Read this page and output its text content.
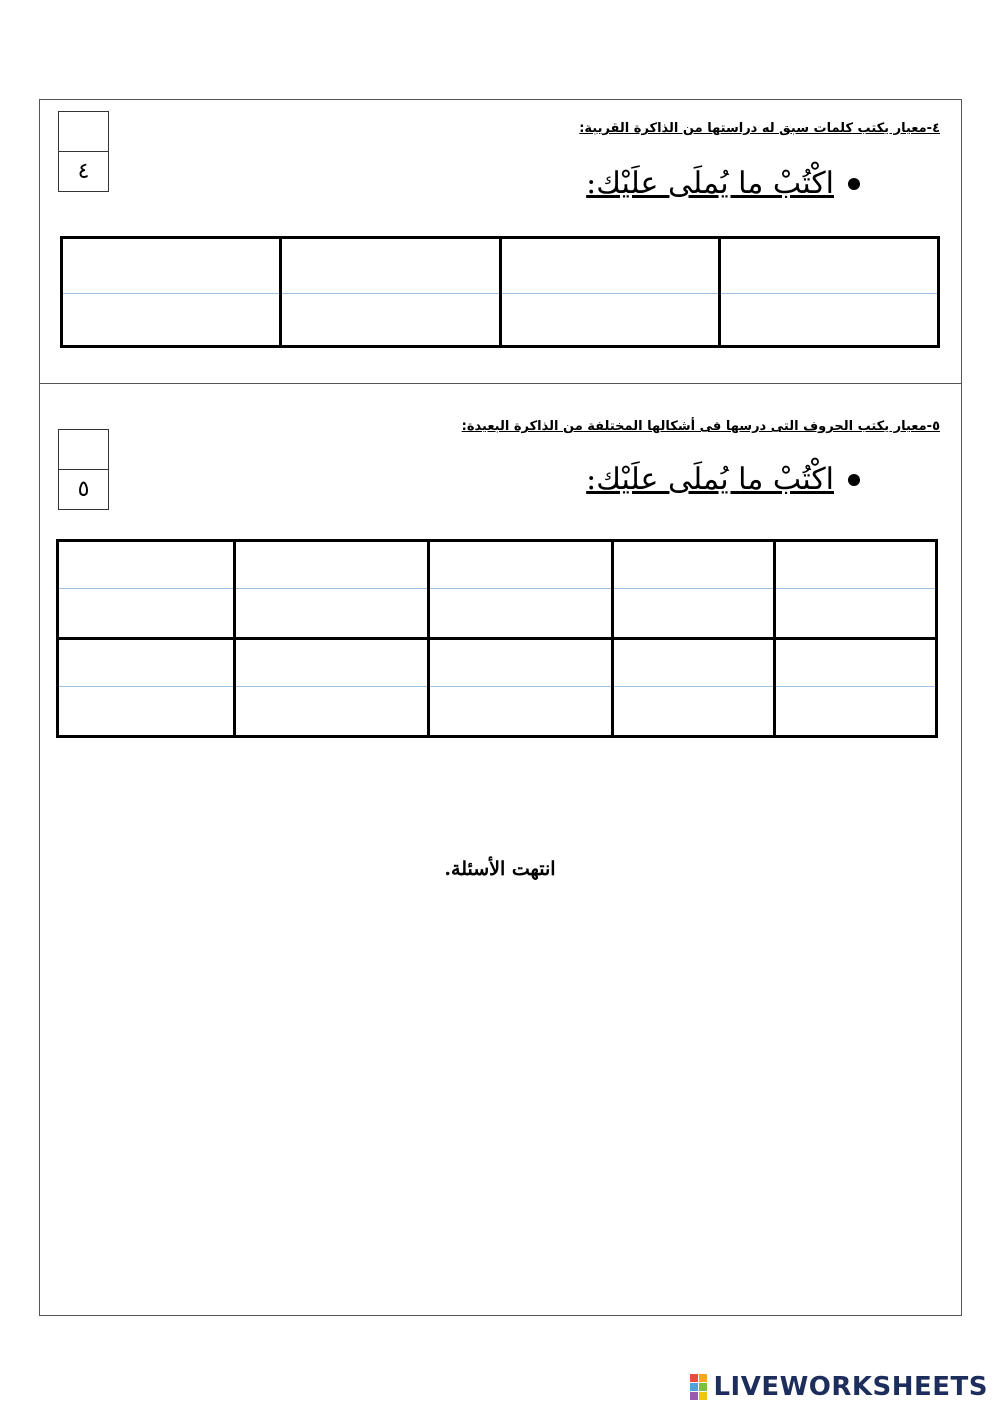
٤-معيار يكتب كلمات سبق له دراستها من الذاكرة القريبة:
اكْتُبْ ما يُملَى علَيْك:
٤

٥-معيار يكتب الحروف التى درسها فى أشكالها المختلفة من الذاكرة البعيدة:
اكْتُبْ ما يُملَى علَيْك:
٥

انتهت الأسئلة.
LIVEWORKSHEETS
